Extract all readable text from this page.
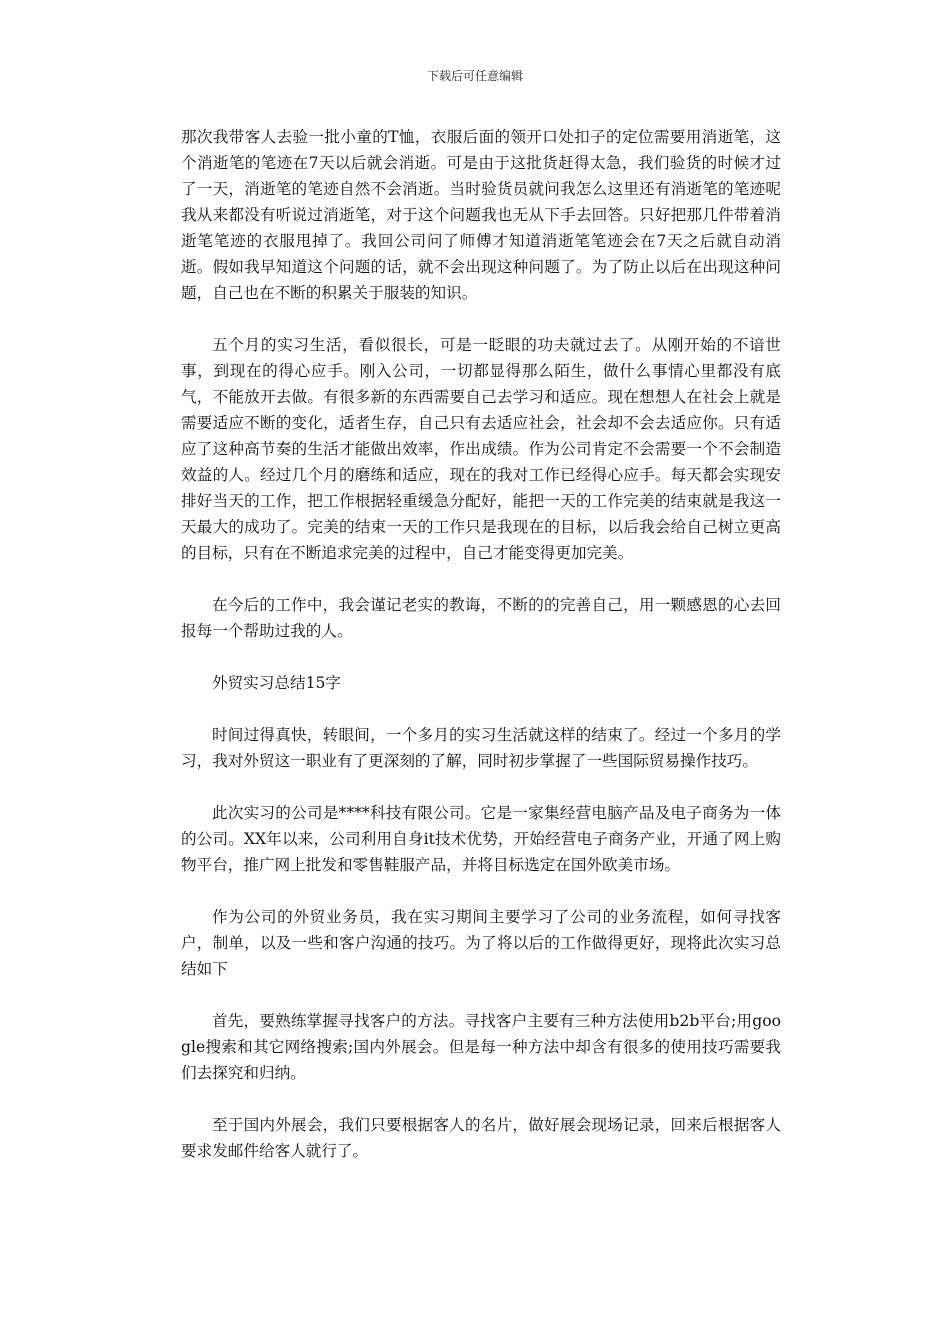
下载后可任意编辑

那次我带客人去验一批小童的T恤，衣服后面的领开口处扣子的定位需要用消逝笔，这个消逝笔的笔迹在7天以后就会消逝。可是由于这批货赶得太急，我们验货的时候才过了一天，消逝笔的笔迹自然不会消逝。当时验货员就问我怎么这里还有消逝笔的笔迹呢我从来都没有听说过消逝笔，对于这个问题我也无从下手去回答。只好把那几件带着消逝笔笔迹的衣服甩掉了。我回公司问了师傅才知道消逝笔笔迹会在7天之后就自动消逝。假如我早知道这个问题的话，就不会出现这种问题了。为了防止以后在出现这种问题，自己也在不断的积累关于服装的知识。

五个月的实习生活，看似很长，可是一眨眼的功夫就过去了。从刚开始的不谙世事，到现在的得心应手。刚入公司，一切都显得那么陌生，做什么事情心里都没有底气，不能放开去做。有很多新的东西需要自己去学习和适应。现在想想人在社会上就是需要适应不断的变化，适者生存，自己只有去适应社会，社会却不会去适应你。只有适应了这种高节奏的生活才能做出效率，作出成绩。作为公司肯定不会需要一个不会制造效益的人。经过几个月的磨练和适应，现在的我对工作已经得心应手。每天都会实现安排好当天的工作，把工作根据轻重缓急分配好，能把一天的工作完美的结束就是我这一天最大的成功了。完美的结束一天的工作只是我现在的目标，以后我会给自己树立更高的目标，只有在不断追求完美的过程中，自己才能变得更加完美。

在今后的工作中，我会谨记老实的教诲，不断的的完善自己，用一颗感恩的心去回报每一个帮助过我的人。

外贸实习总结15字

时间过得真快，转眼间，一个多月的实习生活就这样的结束了。经过一个多月的学习，我对外贸这一职业有了更深刻的了解，同时初步掌握了一些国际贸易操作技巧。

此次实习的公司是****科技有限公司。它是一家集经营电脑产品及电子商务为一体的公司。XX年以来，公司利用自身it技术优势，开始经营电子商务产业，开通了网上购物平台，推广网上批发和零售鞋服产品，并将目标选定在国外欧美市场。

作为公司的外贸业务员，我在实习期间主要学习了公司的业务流程，如何寻找客户，制单，以及一些和客户沟通的技巧。为了将以后的工作做得更好，现将此次实习总结如下

首先，要熟练掌握寻找客户的方法。寻找客户主要有三种方法使用b2b平台;用google搜索和其它网络搜索;国内外展会。但是每一种方法中却含有很多的使用技巧需要我们去探究和归纳。

至于国内外展会，我们只要根据客人的名片，做好展会现场记录，回来后根据客人要求发邮件给客人就行了。
